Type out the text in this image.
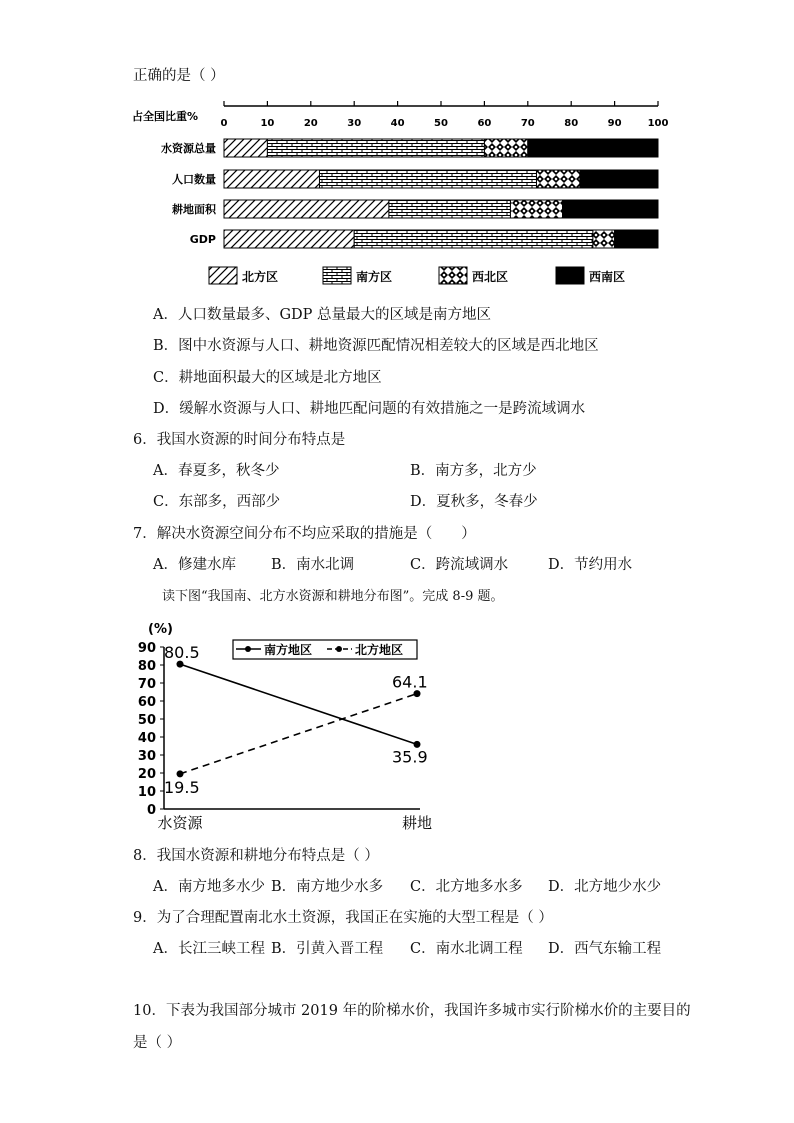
正确的是（ ）
占全国比重%
0	10	20	30	40	50	60	70	80	90	100
水资源总量
人口数量
耕地面积
GDP
北方区	南方区	西北区	西南区
A．人口数量最多、GDP 总量最大的区域是南方地区
B．图中水资源与人口、耕地资源匹配情况相差较大的区域是西北地区
C．耕地面积最大的区域是北方地区
D．缓解水资源与人口、耕地匹配问题的有效措施之一是跨流域调水
6．我国水资源的时间分布特点是
A．春夏多，秋冬少	B．南方多，北方少
C．东部多，西部少	D．夏秋多，冬春少
7．解决水资源空间分布不均应采取的措施是（　　）
A．修建水库 B．南水北调	C．跨流域调水	D．节约用水
读下图“我国南、北方水资源和耕地分布图”。完成 8-9 题。
(%)
90
80
70
60
50
40
30
20
10
0
水资源	耕地
80.5
64.1
35.9
19.5
南方地区	北方地区
8．我国水资源和耕地分布特点是（ ）
A．南方地多水少 B．南方地少水多 C．北方地多水多 D．北方地少水少
9．为了合理配置南北水土资源，我国正在实施的大型工程是（ ）
A．长江三峡工程 B．引黄入晋工程 C．南水北调工程 D．西气东输工程
10．下表为我国部分城市 2019 年的阶梯水价，我国许多城市实行阶梯水价的主要目的
是（ ）
